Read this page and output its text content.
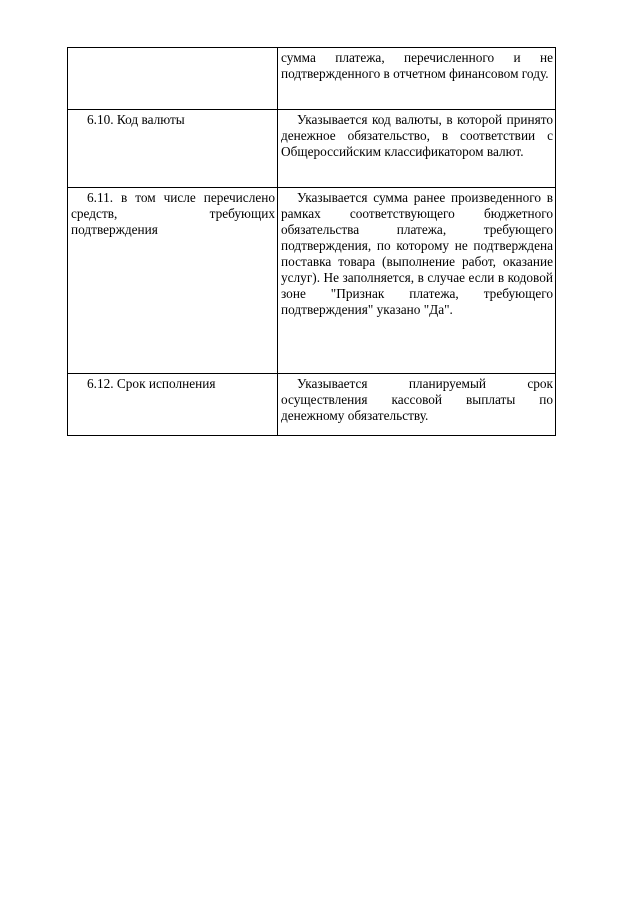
	сумма платежа, перечисленного и не подтвержденного в отчетном финансовом году.

6.10. Код валюты	Указывается код валюты, в которой принято денежное обязательство, в соответствии с Общероссийским классификатором валют.

6.11. в том числе перечислено средств, требующих подтверждения	Указывается сумма ранее произведенного в рамках соответствующего бюджетного обязательства платежа, требующего подтверждения, по которому не подтверждена поставка товара (выполнение работ, оказание услуг). Не заполняется, в случае если в кодовой зоне "Признак платежа, требующего подтверждения" указано "Да".

6.12. Срок исполнения	Указывается планируемый срок осуществления кассовой выплаты по денежному обязательству.
